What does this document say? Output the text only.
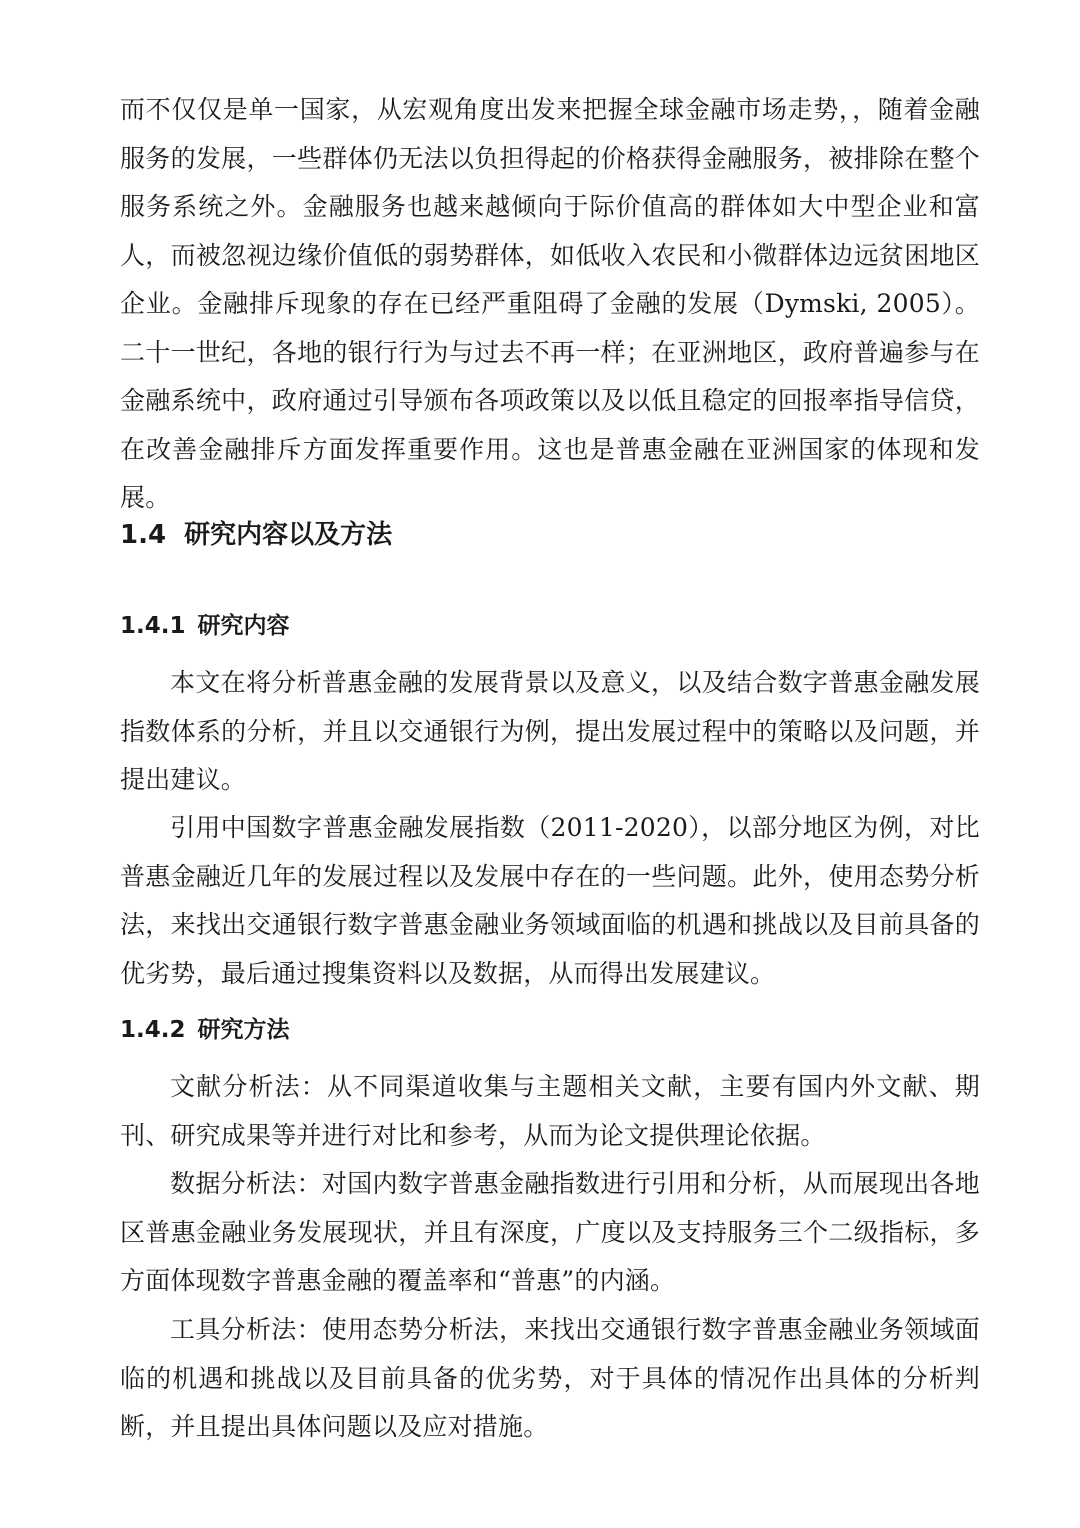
而不仅仅是单一国家，从宏观角度出发来把握全球金融市场走势，，随着金融服务的发展，一些群体仍无法以负担得起的价格获得金融服务，被排除在整个服务系统之外。金融服务也越来越倾向于际价值高的群体如大中型企业和富人，而被忽视边缘价值低的弱势群体，如低收入农民和小微群体边远贫困地区企业。金融排斥现象的存在已经严重阻碍了金融的发展（Dymski, 2005）。二十一世纪，各地的银行行为与过去不再一样；在亚洲地区，政府普遍参与在金融系统中，政府通过引导颁布各项政策以及以低且稳定的回报率指导信贷，在改善金融排斥方面发挥重要作用。这也是普惠金融在亚洲国家的体现和发展。

1.4 研究内容以及方法
1.4.1 研究内容

本文在将分析普惠金融的发展背景以及意义，以及结合数字普惠金融发展指数体系的分析，并且以交通银行为例，提出发展过程中的策略以及问题，并提出建议。

引用中国数字普惠金融发展指数（2011-2020），以部分地区为例，对比普惠金融近几年的发展过程以及发展中存在的一些问题。此外，使用态势分析法，来找出交通银行数字普惠金融业务领域面临的机遇和挑战以及目前具备的优劣势，最后通过搜集资料以及数据，从而得出发展建议。

1.4.2 研究方法

文献分析法：从不同渠道收集与主题相关文献，主要有国内外文献、期刊、研究成果等并进行对比和参考，从而为论文提供理论依据。

数据分析法：对国内数字普惠金融指数进行引用和分析，从而展现出各地区普惠金融业务发展现状，并且有深度，广度以及支持服务三个二级指标，多方面体现数字普惠金融的覆盖率和“普惠”的内涵。

工具分析法：使用态势分析法，来找出交通银行数字普惠金融业务领域面临的机遇和挑战以及目前具备的优劣势，对于具体的情况作出具体的分析判断，并且提出具体问题以及应对措施。
